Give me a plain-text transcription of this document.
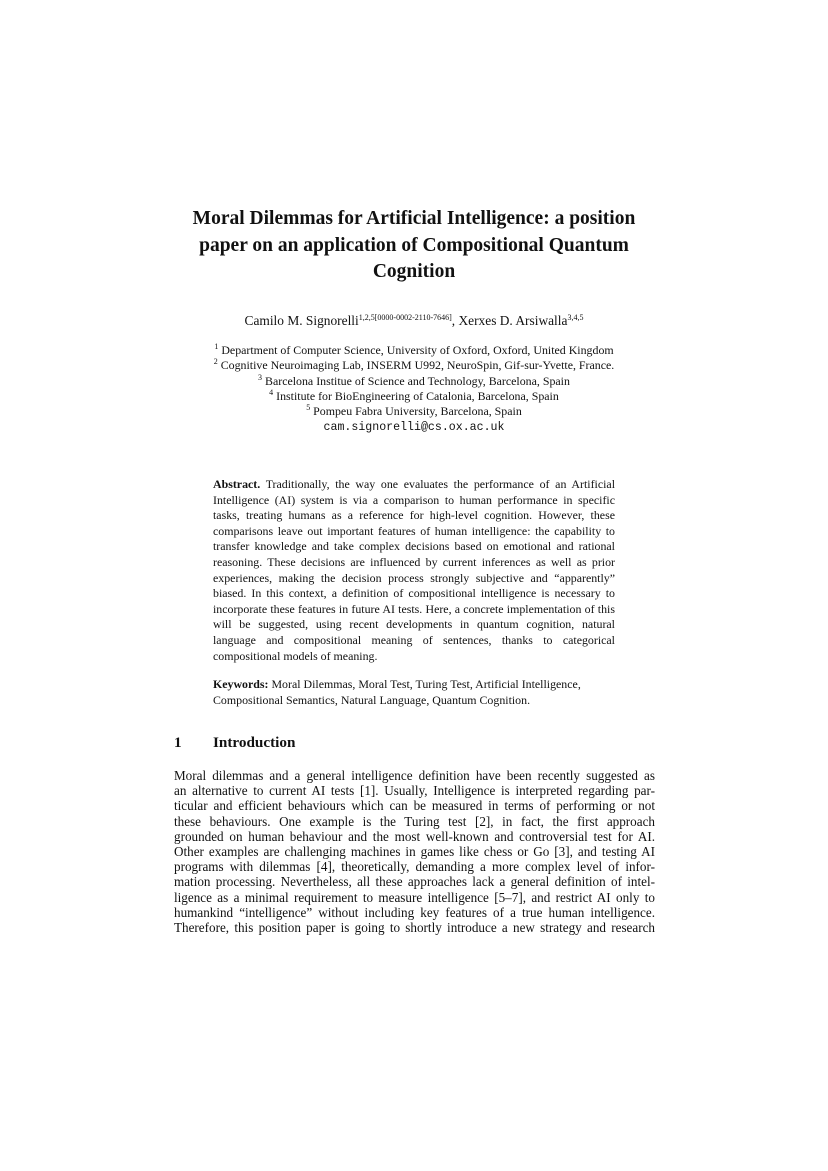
Moral Dilemmas for Artificial Intelligence: a position
paper on an application of Compositional Quantum
Cognition

Camilo M. Signorelli$^{1,2,5[0000-0002-2110-7646]}$, Xerxes D. Arsiwalla$^{3,4,5}$

$^1$ Department of Computer Science, University of Oxford, Oxford, United Kingdom
$^2$ Cognitive Neuroimaging Lab, INSERM U992, NeuroSpin, Gif-sur-Yvette, France.
$^3$ Barcelona Institue of Science and Technology, Barcelona, Spain
$^4$ Institute for BioEngineering of Catalonia, Barcelona, Spain
$^5$ Pompeu Fabra University, Barcelona, Spain
cam.signorelli@cs.ox.ac.uk

Abstract. Traditionally, the way one evaluates the performance of an Artificial Intelligence (AI) system is via a comparison to human performance in specific tasks, treating humans as a reference for high-level cognition. However, these comparisons leave out important features of human intelligence: the capability to transfer knowledge and take complex decisions based on emotional and rational reasoning. These decisions are influenced by current inferences as well as prior experiences, making the decision process strongly subjective and “apparently” biased. In this context, a definition of compositional intelligence is necessary to incorporate these features in future AI tests. Here, a concrete implementation of this will be suggested, using recent developments in quantum cognition, natural language and compositional meaning of sentences, thanks to categorical compositional models of meaning.

Keywords: Moral Dilemmas, Moral Test, Turing Test, Artificial Intelligence, Compositional Semantics, Natural Language, Quantum Cognition.

1 Introduction
Moral dilemmas and a general intelligence definition have been recently suggested as
an alternative to current AI tests [1]. Usually, Intelligence is interpreted regarding par-
ticular and efficient behaviours which can be measured in terms of performing or not
these behaviours. One example is the Turing test [2], in fact, the first approach
grounded on human behaviour and the most well-known and controversial test for AI.
Other examples are challenging machines in games like chess or Go [3], and testing AI
programs with dilemmas [4], theoretically, demanding a more complex level of infor-
mation processing. Nevertheless, all these approaches lack a general definition of intel-
ligence as a minimal requirement to measure intelligence [5–7], and restrict AI only to
humankind “intelligence” without including key features of a true human intelligence.
Therefore, this position paper is going to shortly introduce a new strategy and research
